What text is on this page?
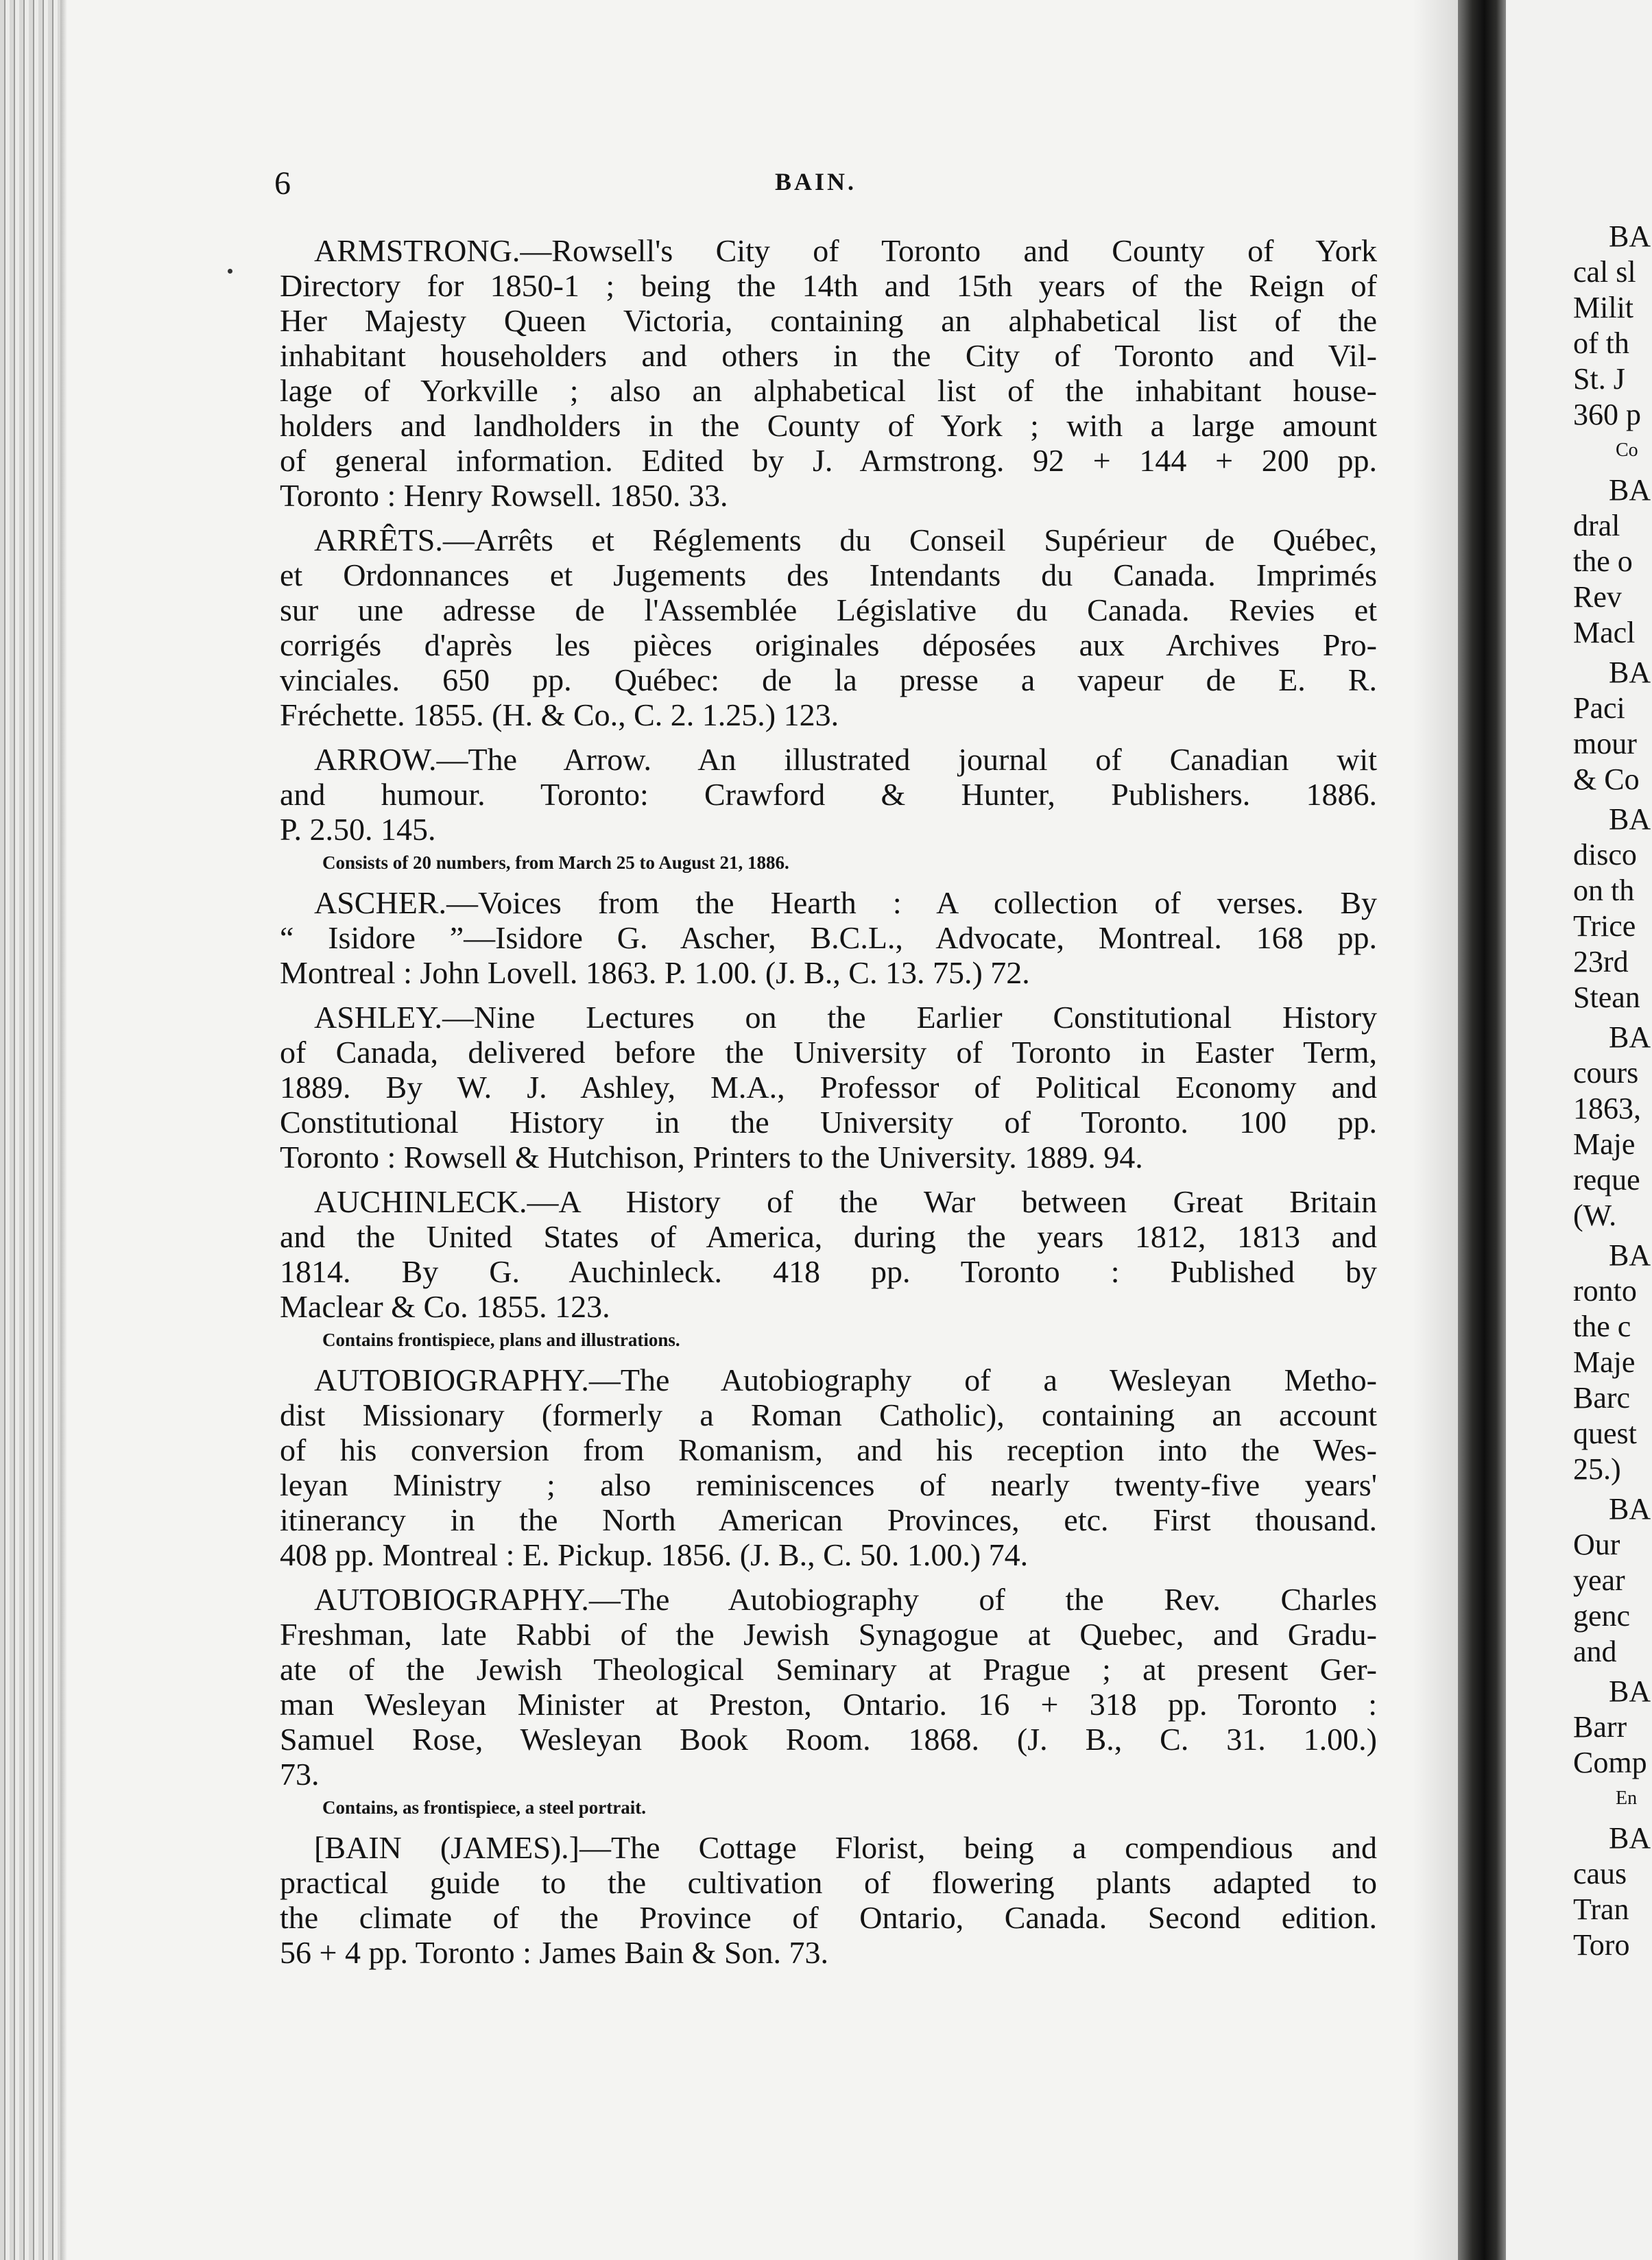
BA
cal sl
Milit
of th
St. J
360 p
Co
BA
dral
the o
Rev
Macl
BA
Paci
mour
& Co
BA
disco
on th
Trice
23rd
Stean
BA
cours
1863,
Maje
reque
(W.
BA
ronto
the c
Maje
Barc
quest
25.)
BA
Our
year
genc
and
BA
Barr
Comp
En
BA
caus
Tran
Toro
6	BAIN.
ARMSTRONG.—Rowsell's City of Toronto and County of York
Directory for 1850-1 ; being the 14th and 15th years of the Reign of
Her Majesty Queen Victoria, containing an alphabetical list of the
inhabitant householders and others in the City of Toronto and Vil-
lage of Yorkville ; also an alphabetical list of the inhabitant house-
holders and landholders in the County of York ; with a large amount
of general information. Edited by J. Armstrong. 92 + 144 + 200 pp.
Toronto : Henry Rowsell. 1850. 33.
ARRÊTS.—Arrêts et Réglements du Conseil Supérieur de Québec,
et Ordonnances et Jugements des Intendants du Canada. Imprimés
sur une adresse de l'Assemblée Législative du Canada. Revies et
corrigés d'après les pièces originales déposées aux Archives Pro-
vinciales. 650 pp. Québec: de la presse a vapeur de E. R.
Fréchette. 1855. (H. & Co., C. 2. 1.25.) 123.
ARROW.—The Arrow. An illustrated journal of Canadian wit
and humour. Toronto: Crawford & Hunter, Publishers. 1886.
P. 2.50. 145.
Consists of 20 numbers, from March 25 to August 21, 1886.
ASCHER.—Voices from the Hearth : A collection of verses. By
“ Isidore ”—Isidore G. Ascher, B.C.L., Advocate, Montreal. 168 pp.
Montreal : John Lovell. 1863. P. 1.00. (J. B., C. 13. 75.) 72.
ASHLEY.—Nine Lectures on the Earlier Constitutional History
of Canada, delivered before the University of Toronto in Easter Term,
1889. By W. J. Ashley, M.A., Professor of Political Economy and
Constitutional History in the University of Toronto. 100 pp.
Toronto : Rowsell & Hutchison, Printers to the University. 1889. 94.
AUCHINLECK.—A History of the War between Great Britain
and the United States of America, during the years 1812, 1813 and
1814. By G. Auchinleck. 418 pp. Toronto : Published by
Maclear & Co. 1855. 123.
Contains frontispiece, plans and illustrations.
AUTOBIOGRAPHY.—The Autobiography of a Wesleyan Metho-
dist Missionary (formerly a Roman Catholic), containing an account
of his conversion from Romanism, and his reception into the Wes-
leyan Ministry ; also reminiscences of nearly twenty-five years'
itinerancy in the North American Provinces, etc. First thousand.
408 pp. Montreal : E. Pickup. 1856. (J. B., C. 50. 1.00.) 74.
AUTOBIOGRAPHY.—The Autobiography of the Rev. Charles
Freshman, late Rabbi of the Jewish Synagogue at Quebec, and Gradu-
ate of the Jewish Theological Seminary at Prague ; at present Ger-
man Wesleyan Minister at Preston, Ontario. 16 + 318 pp. Toronto :
Samuel Rose, Wesleyan Book Room. 1868. (J. B., C. 31. 1.00.)
73.
Contains, as frontispiece, a steel portrait.
[BAIN (JAMES).]—The Cottage Florist, being a compendious and
practical guide to the cultivation of flowering plants adapted to
the climate of the Province of Ontario, Canada. Second edition.
56 + 4 pp. Toronto : James Bain & Son. 73.
